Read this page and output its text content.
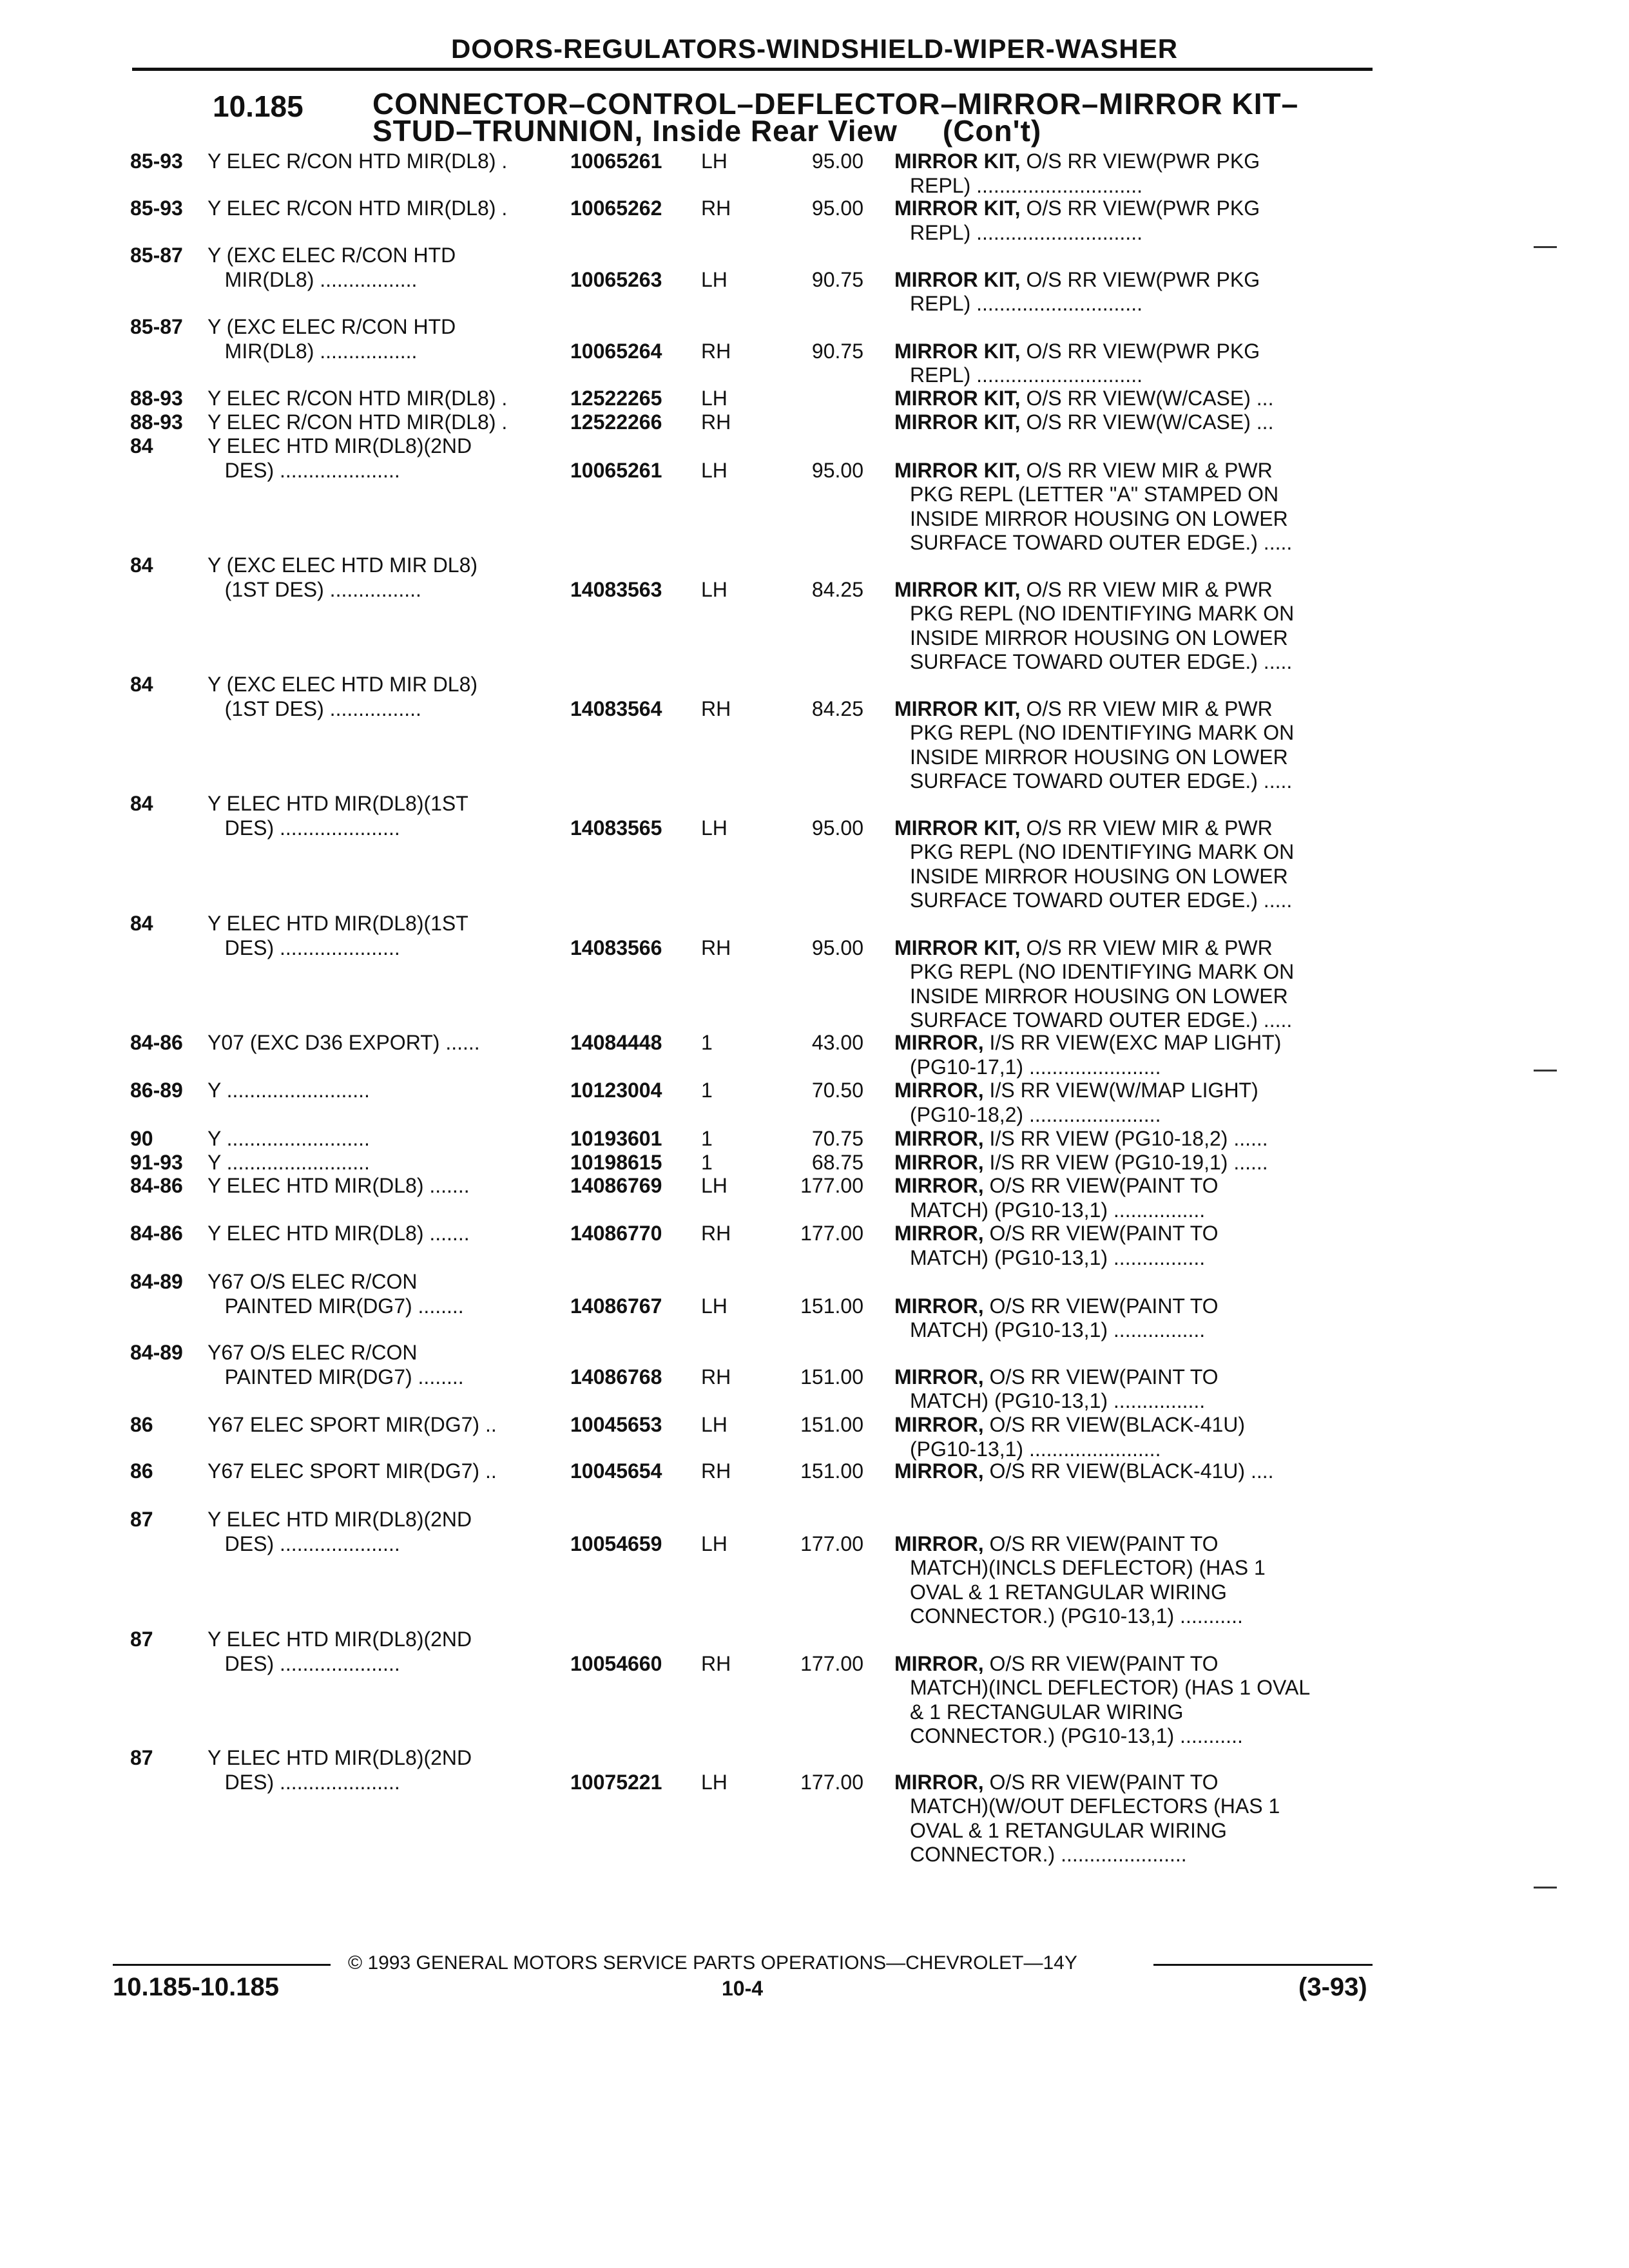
DOORS-REGULATORS-WINDSHIELD-WIPER-WASHER
10.185 CONNECTOR–CONTROL–DEFLECTOR–MIRROR–MIRROR KIT–
STUD–TRUNNION, Inside Rear View (Con't)
85-93	Y ELEC R/CON HTD MIR(DL8) .	10065261	LH	95.00 MIRROR KIT, O/S RR VIEW(PWR PKG
REPL) .............................
85-93	Y ELEC R/CON HTD MIR(DL8) .	10065262	RH	95.00 MIRROR KIT, O/S RR VIEW(PWR PKG
REPL) .............................
85-87	Y (EXC ELEC R/CON HTD
MIR(DL8) .................	10065263	LH	90.75 MIRROR KIT, O/S RR VIEW(PWR PKG
REPL) .............................
85-87	Y (EXC ELEC R/CON HTD
MIR(DL8) .................	10065264	RH	90.75 MIRROR KIT, O/S RR VIEW(PWR PKG
REPL) .............................
88-93	Y ELEC R/CON HTD MIR(DL8) .	12522265	LH	MIRROR KIT, O/S RR VIEW(W/CASE) ...
88-93	Y ELEC R/CON HTD MIR(DL8) .	12522266	RH	MIRROR KIT, O/S RR VIEW(W/CASE) ...
84	Y ELEC HTD MIR(DL8)(2ND
DES) .....................	10065261	LH	95.00 MIRROR KIT, O/S RR VIEW MIR & PWR
PKG REPL (LETTER "A" STAMPED ON
INSIDE MIRROR HOUSING ON LOWER
SURFACE TOWARD OUTER EDGE.) .....
84	Y (EXC ELEC HTD MIR DL8)
(1ST DES) ................	14083563	LH	84.25 MIRROR KIT, O/S RR VIEW MIR & PWR
PKG REPL (NO IDENTIFYING MARK ON
INSIDE MIRROR HOUSING ON LOWER
SURFACE TOWARD OUTER EDGE.) .....
84	Y (EXC ELEC HTD MIR DL8)
(1ST DES) ................	14083564	RH	84.25 MIRROR KIT, O/S RR VIEW MIR & PWR
PKG REPL (NO IDENTIFYING MARK ON
INSIDE MIRROR HOUSING ON LOWER
SURFACE TOWARD OUTER EDGE.) .....
84	Y ELEC HTD MIR(DL8)(1ST
DES) .....................	14083565	LH	95.00 MIRROR KIT, O/S RR VIEW MIR & PWR
PKG REPL (NO IDENTIFYING MARK ON
INSIDE MIRROR HOUSING ON LOWER
SURFACE TOWARD OUTER EDGE.) .....
84	Y ELEC HTD MIR(DL8)(1ST
DES) .....................	14083566	RH	95.00 MIRROR KIT, O/S RR VIEW MIR & PWR
PKG REPL (NO IDENTIFYING MARK ON
INSIDE MIRROR HOUSING ON LOWER
SURFACE TOWARD OUTER EDGE.) .....
84-86	Y07 (EXC D36 EXPORT) ......	14084448	1	43.00 MIRROR, I/S RR VIEW(EXC MAP LIGHT)
(PG10-17,1) .......................
86-89	Y .........................	10123004	1	70.50 MIRROR, I/S RR VIEW(W/MAP LIGHT)
(PG10-18,2) .......................
90	Y .........................	10193601	1	70.75 MIRROR, I/S RR VIEW (PG10-18,2) ......
91-93	Y .........................	10198615	1	68.75 MIRROR, I/S RR VIEW (PG10-19,1) ......
84-86	Y ELEC HTD MIR(DL8) .......	14086769	LH	177.00 MIRROR, O/S RR VIEW(PAINT TO
MATCH) (PG10-13,1) ................
84-86	Y ELEC HTD MIR(DL8) .......	14086770	RH	177.00 MIRROR, O/S RR VIEW(PAINT TO
MATCH) (PG10-13,1) ................
84-89	Y67 O/S ELEC R/CON
PAINTED MIR(DG7) ........	14086767	LH	151.00 MIRROR, O/S RR VIEW(PAINT TO
MATCH) (PG10-13,1) ................
84-89	Y67 O/S ELEC R/CON
PAINTED MIR(DG7) ........	14086768	RH	151.00 MIRROR, O/S RR VIEW(PAINT TO
MATCH) (PG10-13,1) ................
86	Y67 ELEC SPORT MIR(DG7) ..	10045653	LH	151.00 MIRROR, O/S RR VIEW(BLACK-41U)
(PG10-13,1) .......................
86	Y67 ELEC SPORT MIR(DG7) ..	10045654	RH	151.00 MIRROR, O/S RR VIEW(BLACK-41U) ....
87	Y ELEC HTD MIR(DL8)(2ND
DES) .....................	10054659	LH	177.00 MIRROR, O/S RR VIEW(PAINT TO
MATCH)(INCLS DEFLECTOR) (HAS 1
OVAL & 1 RETANGULAR WIRING
CONNECTOR.) (PG10-13,1) ...........
87	Y ELEC HTD MIR(DL8)(2ND
DES) .....................	10054660	RH	177.00 MIRROR, O/S RR VIEW(PAINT TO
MATCH)(INCL DEFLECTOR) (HAS 1 OVAL
& 1 RECTANGULAR WIRING
CONNECTOR.) (PG10-13,1) ...........
87	Y ELEC HTD MIR(DL8)(2ND
DES) .....................	10075221	LH	177.00 MIRROR, O/S RR VIEW(PAINT TO
MATCH)(W/OUT DEFLECTORS (HAS 1
OVAL & 1 RETANGULAR WIRING
CONNECTOR.) ......................
© 1993 GENERAL MOTORS SERVICE PARTS OPERATIONS—CHEVROLET—14Y
10.185-10.185	10-4	(3-93)
